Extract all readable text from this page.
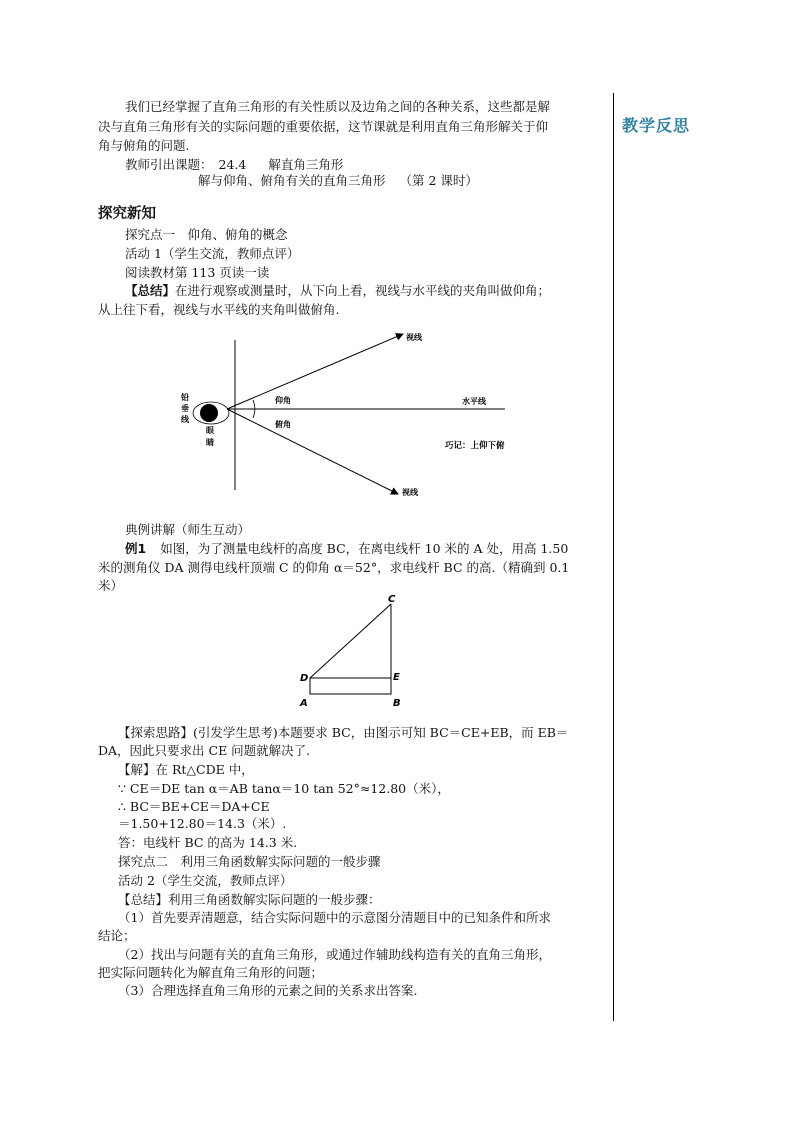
教学反思
我们已经掌握了直角三角形的有关性质以及边角之间的各种关系，这些都是解
决与直角三角形有关的实际问题的重要依据，这节课就是利用直角三角形解关于仰
角与俯角的问题.
教师引出课题： 24.4 解直角三角形
解与仰角、俯角有关的直角三角形 （第 2 课时）
探究新知
探究点一　仰角、俯角的概念
活动 1（学生交流，教师点评）
阅读教材第 113 页读一读
【总结】在进行观察或测量时，从下向上看，视线与水平线的夹角叫做仰角；
从上往下看，视线与水平线的夹角叫做俯角.
视线
视线
水平线
仰角
俯角
铅
垂
线
眼
睛	巧记：上仰下俯
典例讲解（师生互动）
例1 如图，为了测量电线杆的高度 BC，在离电线杆 10 米的 A 处，用高 1.50
米的测角仪 DA 测得电线杆顶端 C 的仰角 α＝52°，求电线杆 BC 的高.（精确到 0.1
米）
C
D	E
A	B
【探索思路】(引发学生思考)本题要求 BC，由图示可知 BC＝CE+EB，而 EB＝
DA，因此只要求出 CE 问题就解决了.
【解】在 Rt△CDE 中，
∵ CE＝DE tan α＝AB tanα＝10 tan 52°≈12.80（米），
∴ BC＝BE+CE＝DA+CE
＝1.50+12.80＝14.3（米）.
答：电线杆 BC 的高为 14.3 米.
探究点二　利用三角函数解实际问题的一般步骤
活动 2（学生交流，教师点评）
【总结】利用三角函数解实际问题的一般步骤：
（1）首先要弄清题意，结合实际问题中的示意图分清题目中的已知条件和所求
结论；
（2）找出与问题有关的直角三角形，或通过作辅助线构造有关的直角三角形，
把实际问题转化为解直角三角形的问题；
（3）合理选择直角三角形的元素之间的关系求出答案.
